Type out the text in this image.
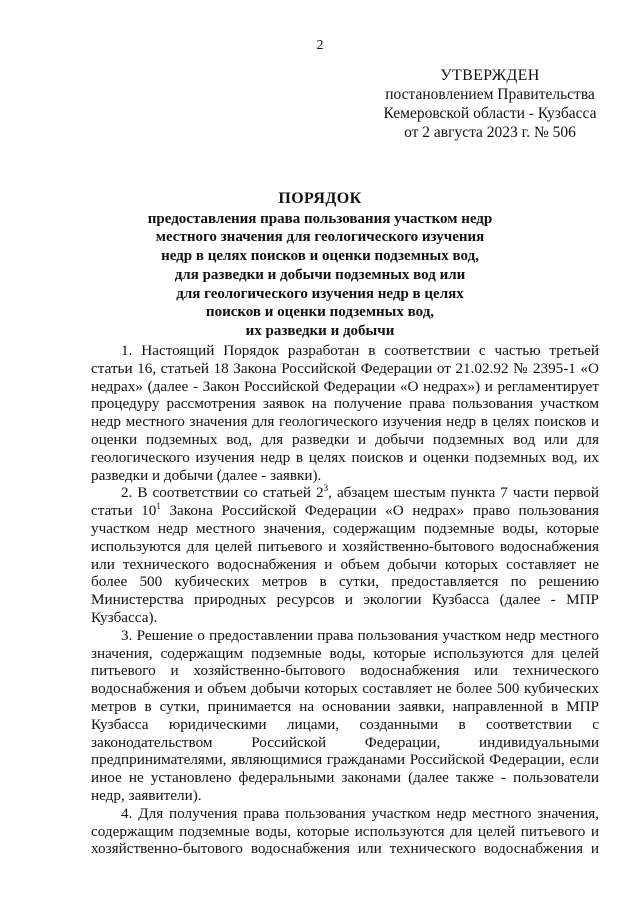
2
УТВЕРЖДЕН
постановлением Правительства
Кемеровской области - Кузбасса
от 2 августа 2023 г. № 506
ПОРЯДОК
предоставления права пользования участком недр
местного значения для геологического изучения
недр в целях поисков и оценки подземных вод,
для разведки и добычи подземных вод или
для геологического изучения недр в целях
поисков и оценки подземных вод,
их разведки и добычи

1. Настоящий Порядок разработан в соответствии с частью третьей статьи 16, статьей 18 Закона Российской Федерации от 21.02.92 № 2395-1 «О недрах» (далее - Закон Российской Федерации «О недрах») и регламентирует процедуру рассмотрения заявок на получение права пользования участком недр местного значения для геологического изучения недр в целях поисков и оценки подземных вод, для разведки и добычи подземных вод или для геологического изучения недр в целях поисков и оценки подземных вод, их разведки и добычи (далее - заявки).

2. В соответствии со статьей $2^3$, абзацем шестым пункта 7 части первой статьи $10^1$ Закона Российской Федерации «О недрах» право пользования участком недр местного значения, содержащим подземные воды, которые используются для целей питьевого и хозяйственно-бытового водоснабжения или технического водоснабжения и объем добычи которых составляет не более 500 кубических метров в сутки, предоставляется по решению Министерства природных ресурсов и экологии Кузбасса (далее - МПР Кузбасса).

3. Решение о предоставлении права пользования участком недр местного значения, содержащим подземные воды, которые используются для целей питьевого и хозяйственно-бытового водоснабжения или технического водоснабжения и объем добычи которых составляет не более 500 кубических метров в сутки, принимается на основании заявки, направленной в МПР Кузбасса юридическими лицами, созданными в соответствии с законодательством Российской Федерации, индивидуальными предпринимателями, являющимися гражданами Российской Федерации, если иное не установлено федеральными законами (далее также - пользователи недр, заявители).

4. Для получения права пользования участком недр местного значения, содержащим подземные воды, которые используются для целей питьевого и хозяйственно-бытового водоснабжения или технического водоснабжения и
